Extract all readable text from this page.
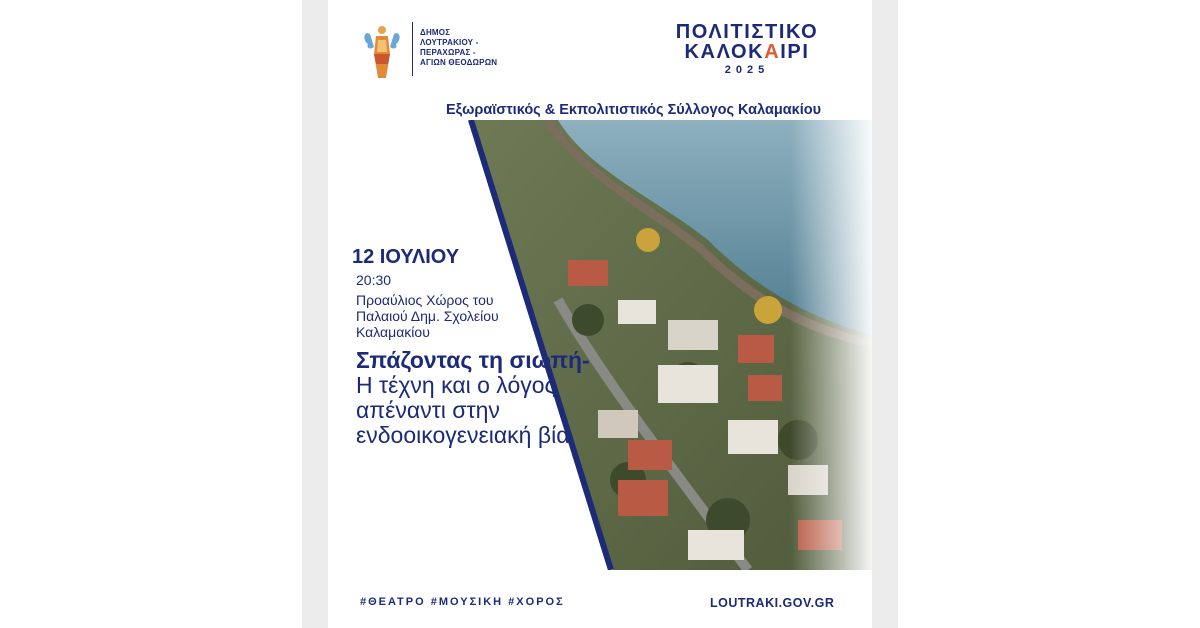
ΔΗΜΟΣ
ΛΟΥΤΡΑΚΙΟΥ -
ΠΕΡΑΧΩΡΑΣ -
ΑΓΙΩΝ ΘΕΟΔΩΡΩΝ
ΠΟΛΙΤΙΣΤΙΚΟ
ΚΑΛΟΚΑΙΡΙ
2025
Εξωραϊστικός & Εκπολιτιστικός Σύλλογος Καλαμακίου
12 ΙΟΥΛΙΟΥ
20:30
Προαύλιος Χώρος του
Παλαιού Δημ. Σχολείου
Καλαμακίου
Σπάζοντας τη σιωπή- Η τέχνη και ο λόγος απέναντι στην ενδοοικογενειακή βία
#ΘΕΑΤΡΟ #ΜΟΥΣΙΚΗ #ΧΟΡΟΣ	LOUTRAKI.GOV.GR
